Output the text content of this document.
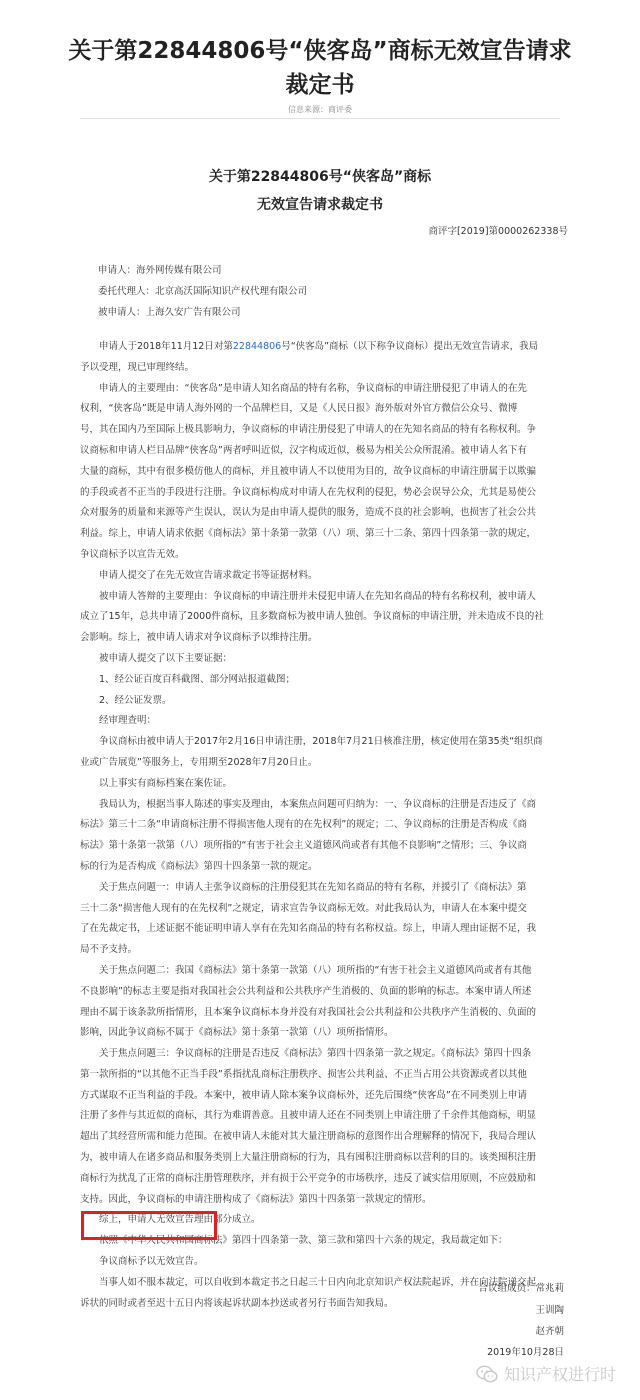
关于第22844806号“侠客岛”商标无效宣告请求裁定书
信息来源：商评委
关于第22844806号“侠客岛”商标
无效宣告请求裁定书
商评字[2019]第0000262338号
申请人：海外网传媒有限公司
委托代理人：北京高沃国际知识产权代理有限公司
被申请人：上海久安广告有限公司
申请人于2018年11月12日对第22844806号“侠客岛”商标（以下称争议商标）提出无效宣告请求，我局
予以受理，现已审理终结。
申请人的主要理由：“侠客岛”是申请人知名商品的特有名称，争议商标的申请注册侵犯了申请人的在先
权利，“侠客岛”既是申请人海外网的一个品牌栏目，又是《人民日报》海外版对外官方微信公众号、微博
号，其在国内乃至国际上极具影响力，争议商标的申请注册侵犯了申请人的在先知名商品的特有名称权利。争
议商标和申请人栏目品牌“侠客岛”两者呼叫近似，汉字构成近似，极易为相关公众所混淆。被申请人名下有
大量的商标，其中有很多模仿他人的商标，并且被申请人不以使用为目的，故争议商标的申请注册属于以欺骗
的手段或者不正当的手段进行注册。争议商标构成对申请人在先权利的侵犯，势必会误导公众，尤其是易使公
众对服务的质量和来源等产生误认，误认为是由申请人提供的服务，造成不良的社会影响，也损害了社会公共
利益。综上，申请人请求依据《商标法》第十条第一款第（八）项、第三十二条、第四十四条第一款的规定，
争议商标予以宣告无效。
申请人提交了在先无效宣告请求裁定书等证据材料。
被申请人答辩的主要理由：争议商标的申请注册并未侵犯申请人在先知名商品的特有名称权利，被申请人
成立了15年，总共申请了2000件商标，且多数商标为被申请人独创。争议商标的申请注册，并未造成不良的社
会影响。综上，被申请人请求对争议商标予以维持注册。
被申请人提交了以下主要证据：
1、经公证百度百科截图、部分网站报道截图；
2、经公证发票。
经审理查明：
争议商标由被申请人于2017年2月16日申请注册，2018年7月21日核准注册，核定使用在第35类“组织商
业或广告展览”等服务上，专用期至2028年7月20日止。
以上事实有商标档案在案佐证。
我局认为，根据当事人陈述的事实及理由，本案焦点问题可归纳为：一、争议商标的注册是否违反了《商
标法》第三十二条“申请商标注册不得损害他人现有的在先权利”的规定；二、争议商标的注册是否构成《商
标法》第十条第一款第（八）项所指的“有害于社会主义道德风尚或者有其他不良影响”之情形；三、争议商
标的行为是否构成《商标法》第四十四条第一款的规定。
关于焦点问题一：申请人主张争议商标的注册侵犯其在先知名商品的特有名称，并援引了《商标法》第
三十二条“损害他人现有的在先权利”之规定，请求宣告争议商标无效。对此我局认为，申请人在本案中提交
了在先裁定书，上述证据不能证明申请人享有在先知名商品的特有名称权益。综上，申请人理由证据不足，我
局不予支持。
关于焦点问题二：我国《商标法》第十条第一款第（八）项所指的“有害于社会主义道德风尚或者有其他
不良影响”的标志主要是指对我国社会公共利益和公共秩序产生消极的、负面的影响的标志。本案申请人所述
理由不属于该条款所指情形，且本案争议商标本身并没有对我国社会公共利益和公共秩序产生消极的、负面的
影响，因此争议商标不属于《商标法》第十条第一款第（八）项所指情形。
关于焦点问题三：争议商标的注册是否违反《商标法》第四十四条第一款之规定。《商标法》第四十四条
第一款所指的“以其他不正当手段”系指扰乱商标注册秩序、损害公共利益、不正当占用公共资源或者以其他
方式谋取不正当利益的手段。本案中，被申请人除本案争议商标外，还先后围绕“侠客岛”在不同类别上申请
注册了多件与其近似的商标，其行为难谓善意。且被申请人还在不同类别上申请注册了千余件其他商标，明显
超出了其经营所需和能力范围。在被申请人未能对其大量注册商标的意图作出合理解释的情况下，我局合理认
为，被申请人在诸多商品和服务类别上大量注册商标的行为，具有囤积注册商标以营利的目的。该类囤积注册
商标行为扰乱了正常的商标注册管理秩序，并有损于公平竞争的市场秩序，违反了诚实信用原则，不应鼓励和
支持。因此，争议商标的申请注册构成了《商标法》第四十四条第一款规定的情形。
综上，申请人无效宣告理由部分成立。
依照《中华人民共和国商标法》第四十四条第一款、第三款和第四十六条的规定，我局裁定如下：
争议商标予以无效宣告。
当事人如不服本裁定，可以自收到本裁定书之日起三十日内向北京知识产权法院起诉，并在向法院递交起
诉状的同时或者至迟十五日内将该起诉状副本抄送或者另行书面告知我局。
合议组成员：常兆莉
王训陶
赵齐朝
2019年10月28日
知识产权进行时
